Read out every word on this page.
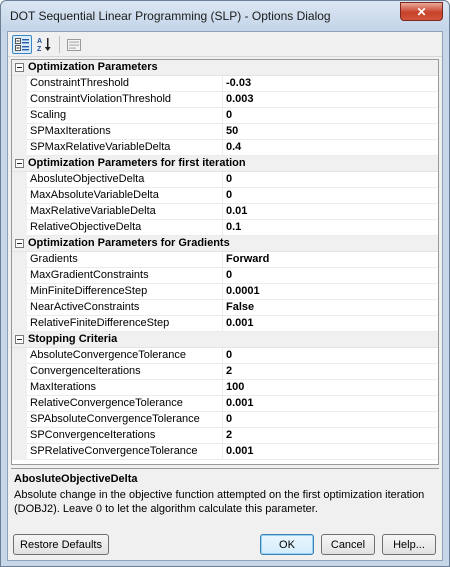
DOT Sequential Linear Programming (SLP) - Options Dialog	✕
A
Z
Optimization Parameters
ConstraintThreshold	-0.03
ConstraintViolationThreshold	0.003
Scaling	0
SPMaxIterations	50
SPMaxRelativeVariableDelta	0.4
Optimization Parameters for first iteration
AbosluteObjectiveDelta	0
MaxAbsoluteVariableDelta	0
MaxRelativeVariableDelta	0.01
RelativeObjectiveDelta	0.1
Optimization Parameters for Gradients
Gradients	Forward
MaxGradientConstraints	0
MinFiniteDifferenceStep	0.0001
NearActiveConstraints	False
RelativeFiniteDifferenceStep	0.001
Stopping Criteria
AbsoluteConvergenceTolerance	0
ConvergenceIterations	2
MaxIterations	100
RelativeConvergenceTolerance	0.001
SPAbsoluteConvergenceTolerance	0
SPConvergenceIterations	2
SPRelativeConvergenceTolerance	0.001
AbosluteObjectiveDelta
Absolute change in the objective function attempted on the first optimization iteration (DOBJ2). Leave 0 to let the algorithm calculate this parameter.
Restore Defaults	OK	Cancel	Help...
